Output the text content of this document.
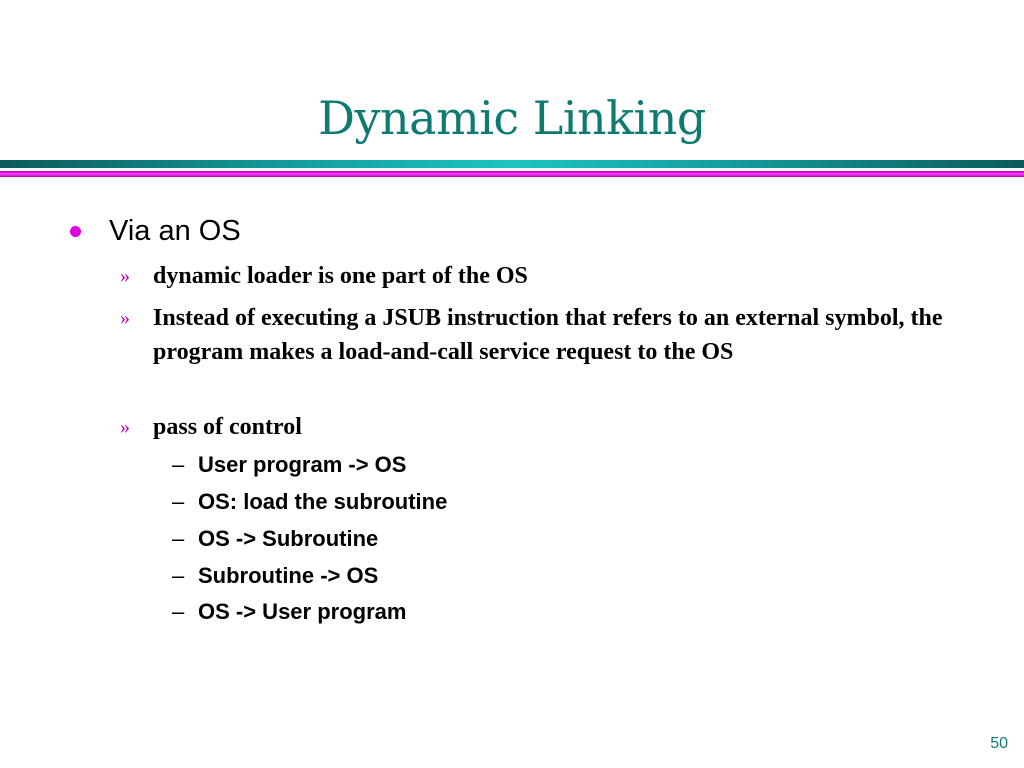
Dynamic Linking
Via an OS
» dynamic loader is one part of the OS
» Instead of executing a JSUB instruction that refers to an external symbol, the program makes a load-and-call service request to the OS
» pass of control
– User program -> OS
– OS: load the subroutine
– OS -> Subroutine
– Subroutine -> OS
– OS -> User program
50
